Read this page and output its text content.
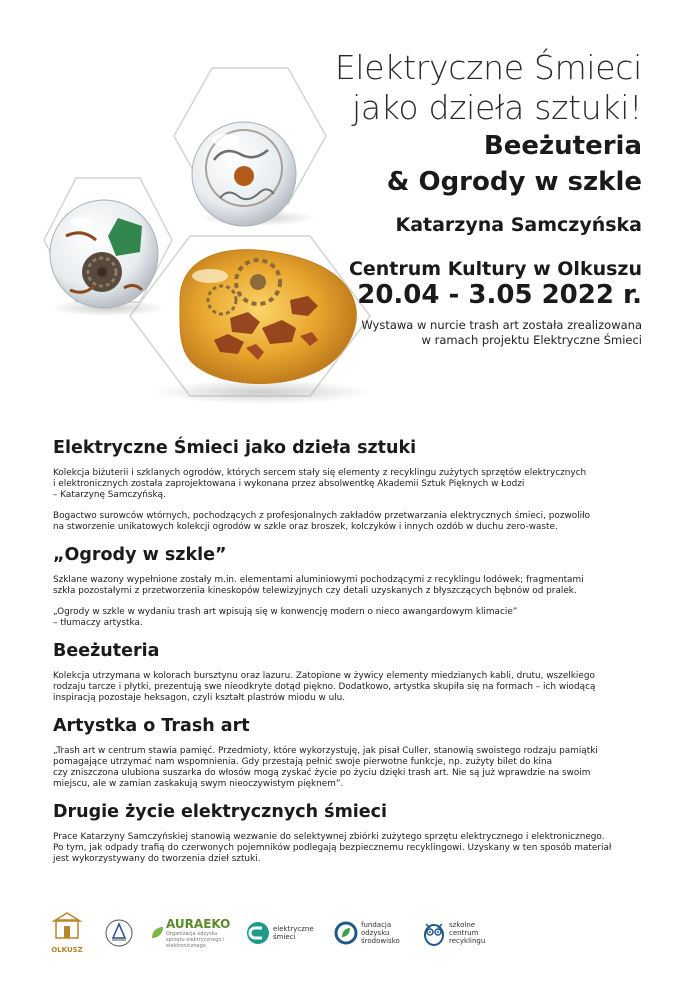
Elektryczne Śmieci
jako dzieła sztuki!
Beeżuteria
& Ogrody w szkle
Katarzyna Samczyńska
Centrum Kultury w Olkuszu
20.04 - 3.05 2022 r.
Wystawa w nurcie trash art została zrealizowana
w ramach projektu Elektryczne Śmieci
Elektryczne Śmieci jako dzieła sztuki
Kolekcja biżuterii i szklanych ogrodów, których sercem stały się elementy z recyklingu zużytych sprzętów elektrycznych
i elektronicznych została zaprojektowana i wykonana przez absolwentkę Akademii Sztuk Pięknych w Łodzi
– Katarzynę Samczyńską.
Bogactwo surowców wtórnych, pochodzących z profesjonalnych zakładów przetwarzania elektrycznych śmieci, pozwoliło
na stworzenie unikatowych kolekcji ogrodów w szkle oraz broszek, kolczyków i innych ozdób w duchu zero-waste.
„Ogrody w szkle”
Szklane wazony wypełnione zostały m.in. elementami aluminiowymi pochodzącymi z recyklingu lodówek; fragmentami
szkła pozostałymi z przetworzenia kineskopów telewizyjnych czy detali uzyskanych z błyszczących bębnów od pralek.
„Ogrody w szkle w wydaniu trash art wpisują się w konwencję modern o nieco awangardowym klimacie”
– tłumaczy artystka.
Beeżuteria
Kolekcja utrzymana w kolorach bursztynu oraz lazuru. Zatopione w żywicy elementy miedzianych kabli, drutu, wszelkiego
rodzaju tarcze i płytki, prezentują swe nieodkryte dotąd piękno. Dodatkowo, artystka skupiła się na formach – ich wiodącą
inspiracją pozostaje heksagon, czyli kształt plastrów miodu w ulu.
Artystka o Trash art
„Trash art w centrum stawia pamięć. Przedmioty, które wykorzystuję, jak pisał Culler, stanowią swoistego rodzaju pamiątki
pomagające utrzymać nam wspomnienia. Gdy przestają pełnić swoje pierwotne funkcje, np. zużyty bilet do kina
czy zniszczona ulubiona suszarka do włosów mogą zyskać życie po życiu dzięki trash art. Nie są już wprawdzie na swoim
miejscu, ale w zamian zaskakują swym nieoczywistym pięknem”.
Drugie życie elektrycznych śmieci
Prace Katarzyny Samczyńskiej stanowią wezwanie do selektywnej zbiórki zużytego sprzętu elektrycznego i elektronicznego.
Po tym, jak odpady trafią do czerwonych pojemników podlegają bezpiecznemu recyklingowi. Uzyskany w ten sposób materiał
jest wykorzystywany do tworzenia dzieł sztuki.
OLKUSZ
AURAEKO
Organizacja odzysku sprzętu elektrycznego i elektronicznego
elektryczne
śmieci
fundacja
odzysku
środowisko
szkolne
centrum
recyklingu
